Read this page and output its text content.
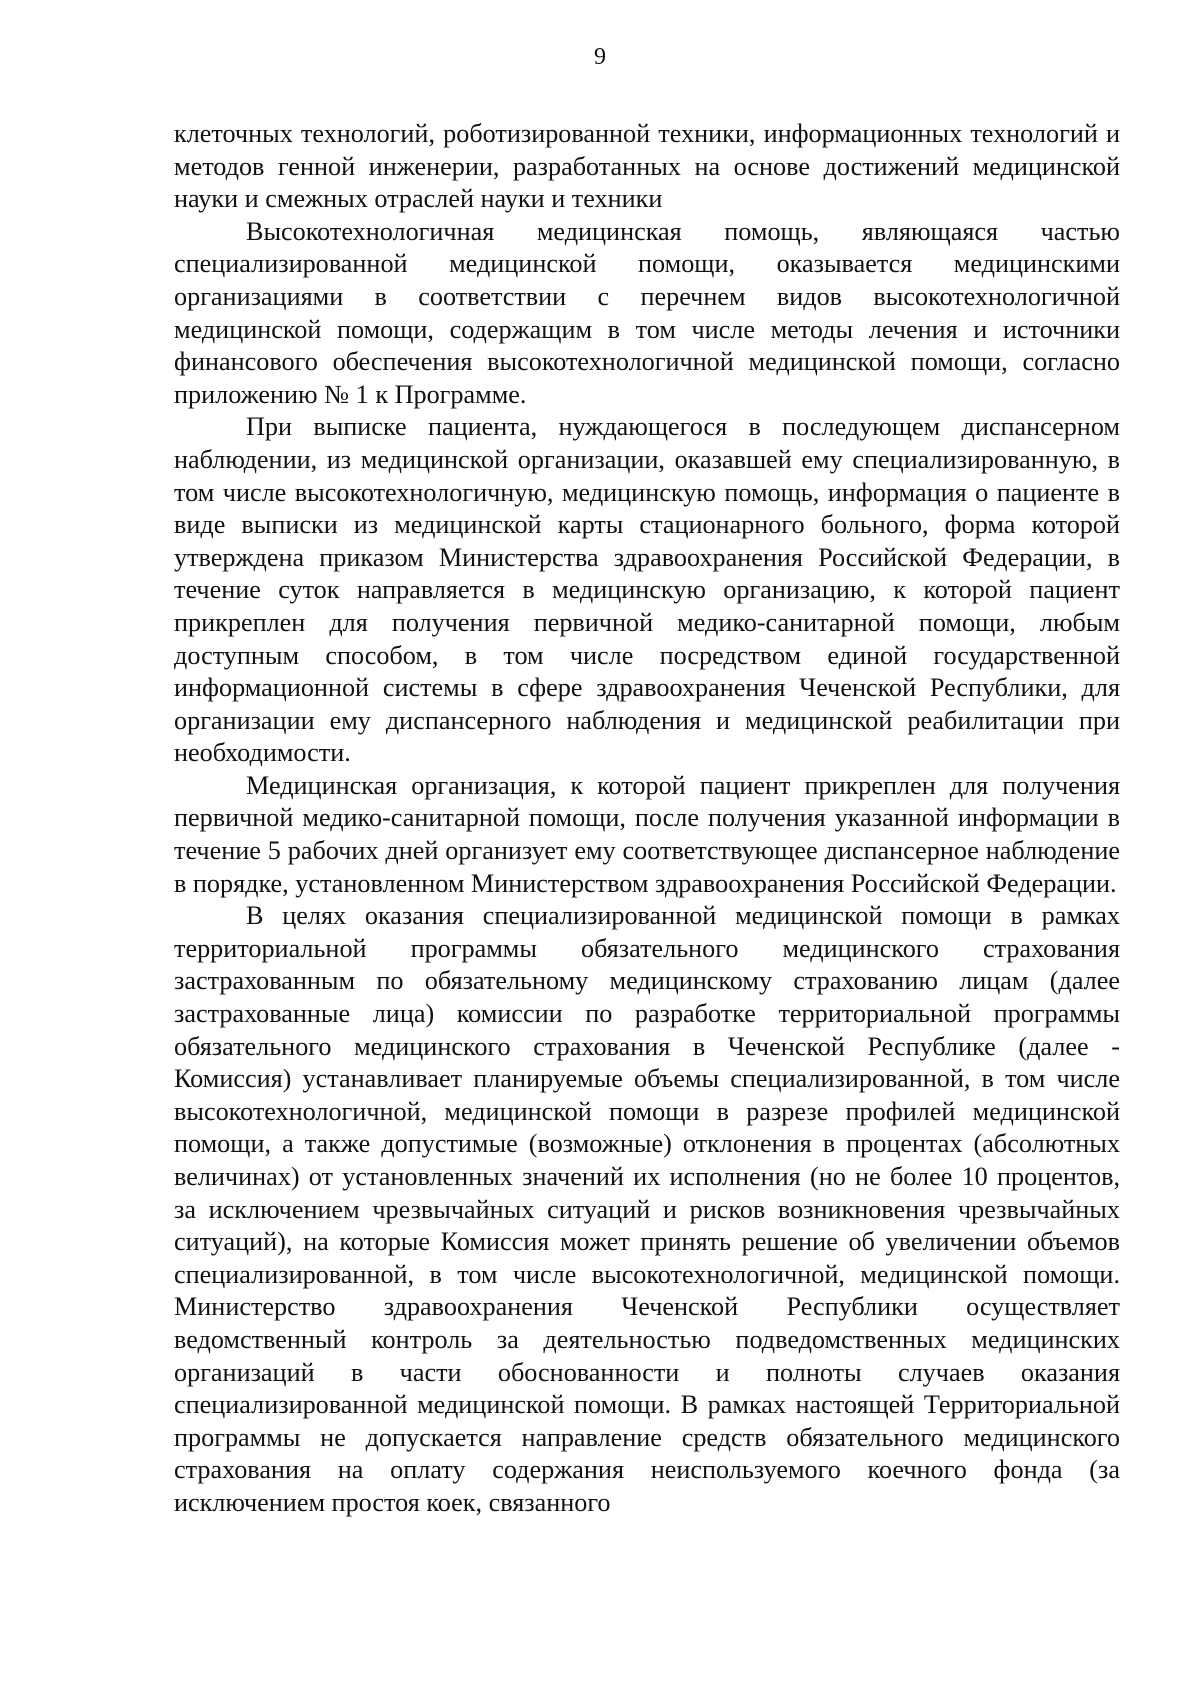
9

клеточных технологий, роботизированной техники, информационных технологий и методов генной инженерии, разработанных на основе достижений медицинской науки и смежных отраслей науки и техники

Высокотехнологичная медицинская помощь, являющаяся частью специализированной медицинской помощи, оказывается медицинскими организациями в соответствии с перечнем видов высокотехнологичной медицинской помощи, содержащим в том числе методы лечения и источники финансового обеспечения высокотехнологичной медицинской помощи, согласно приложению № 1 к Программе.

При выписке пациента, нуждающегося в последующем диспансерном наблюдении, из медицинской организации, оказавшей ему специализированную, в том числе высокотехнологичную, медицинскую помощь, информация о пациенте в виде выписки из медицинской карты стационарного больного, форма которой утверждена приказом Министерства здравоохранения Российской Федерации, в течение суток направляется в медицинскую организацию, к которой пациент прикреплен для получения первичной медико-санитарной помощи, любым доступным способом, в том числе посредством единой государственной информационной системы в сфере здравоохранения Чеченской Республики, для организации ему диспансерного наблюдения и медицинской реабилитации при необходимости.

Медицинская организация, к которой пациент прикреплен для получения первичной медико-санитарной помощи, после получения указанной информации в течение 5 рабочих дней организует ему соответствующее диспансерное наблюдение в порядке, установленном Министерством здравоохранения Российской Федерации.

В целях оказания специализированной медицинской помощи в рамках территориальной программы обязательного медицинского страхования застрахованным по обязательному медицинскому страхованию лицам (далее застрахованные лица) комиссии по разработке территориальной программы обязательного медицинского страхования в Чеченской Республике (далее - Комиссия) устанавливает планируемые объемы специализированной, в том числе высокотехнологичной, медицинской помощи в разрезе профилей медицинской помощи, а также допустимые (возможные) отклонения в процентах (абсолютных величинах) от установленных значений их исполнения (но не более 10 процентов, за исключением чрезвычайных ситуаций и рисков возникновения чрезвычайных ситуаций), на которые Комиссия может принять решение об увеличении объемов специализированной, в том числе высокотехнологичной, медицинской помощи. Министерство здравоохранения Чеченской Республики осуществляет ведомственный контроль за деятельностью подведомственных медицинских организаций в части обоснованности и полноты случаев оказания специализированной медицинской помощи. В рамках настоящей Территориальной программы не допускается направление средств обязательного медицинского страхования на оплату содержания неиспользуемого коечного фонда (за исключением простоя коек, связанного
